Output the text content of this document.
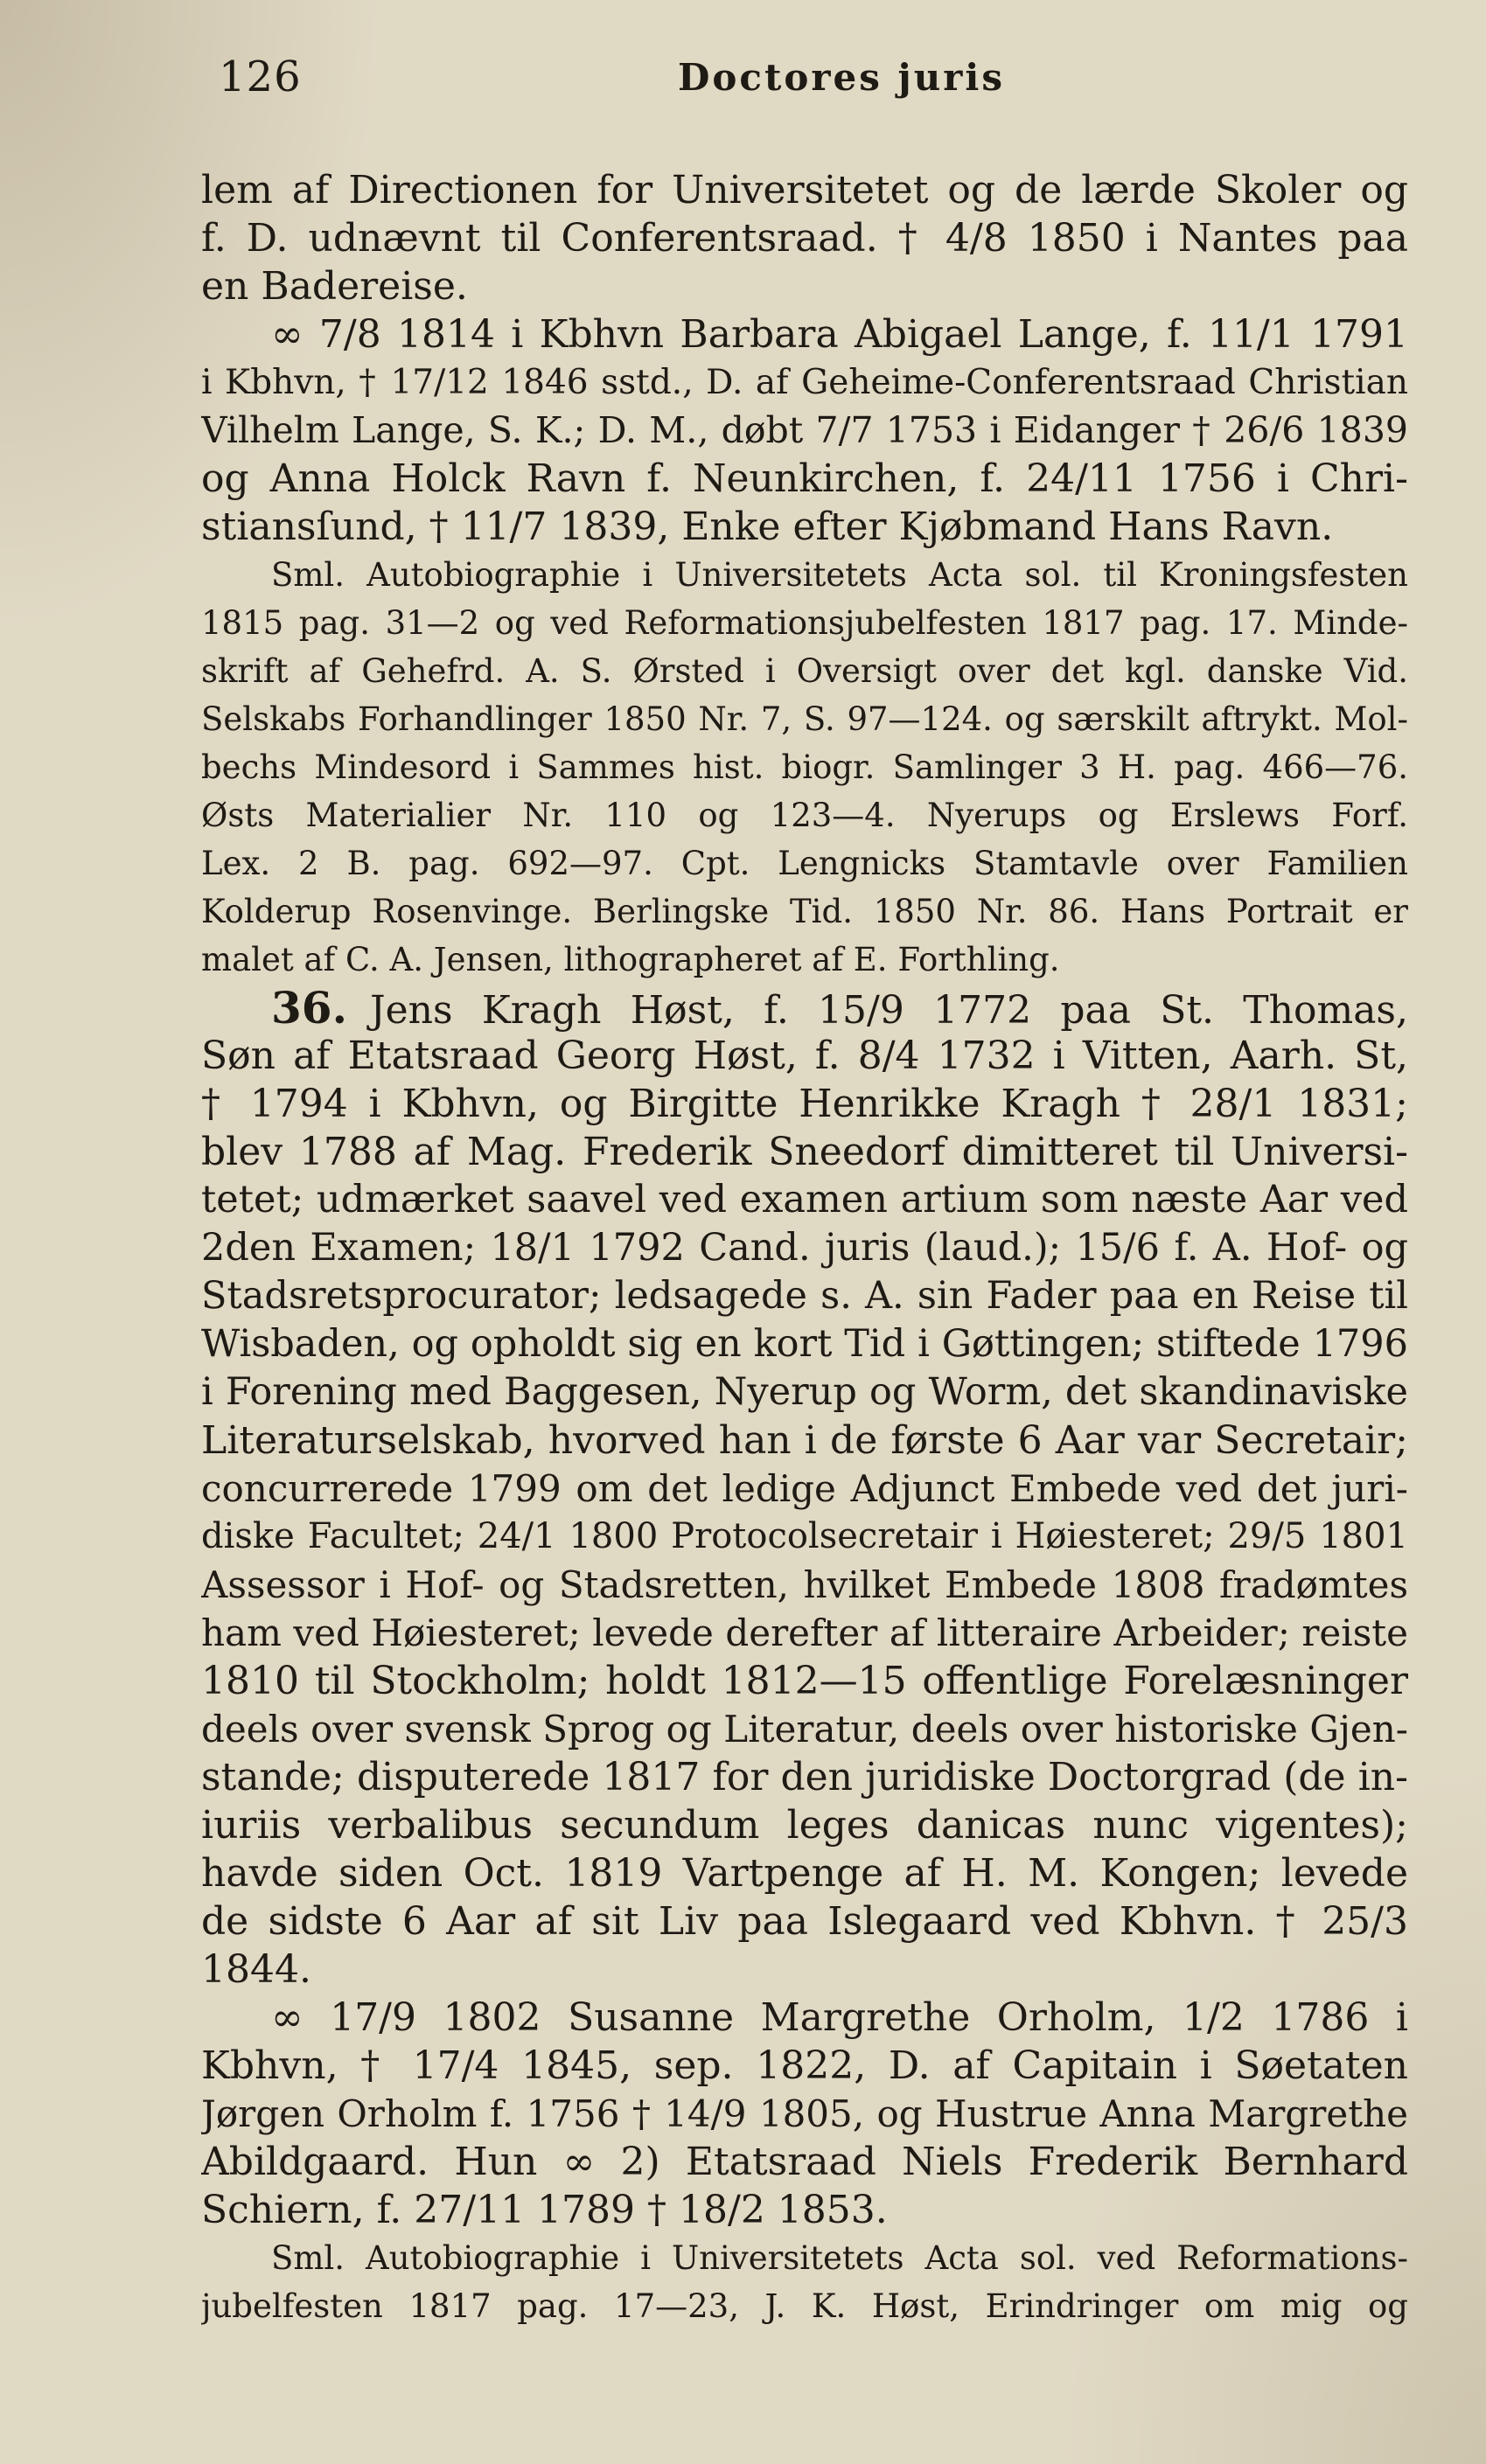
126	Doctores juris
lem af Directionen for Universitetet og de lærde Skoler og
f. D. udnævnt til Conferentsraad. † 4/8 1850 i Nantes paa
en Badereise.
∞ 7/8 1814 i Kbhvn Barbara Abigael Lange, f. 11/1 1791
i Kbhvn, † 17/12 1846 sstd., D. af Geheime-Conferentsraad Christian
Vilhelm Lange, S. K.; D. M., døbt 7/7 1753 i Eidanger † 26/6 1839
og Anna Holck Ravn f. Neunkirchen, f. 24/11 1756 i Chri-
stiansſund, † 11/7 1839, Enke efter Kjøbmand Hans Ravn.
Sml. Autobiographie i Universitetets Acta sol. til Kroningsfesten
1815 pag. 31—2 og ved Reformationsjubelfesten 1817 pag. 17. Minde-
skrift af Gehefrd. A. S. Ørsted i Oversigt over det kgl. danske Vid.
Selskabs Forhandlinger 1850 Nr. 7, S. 97—124. og særskilt aftrykt. Mol-
bechs Mindesord i Sammes hist. biogr. Samlinger 3 H. pag. 466—76.
Østs Materialier Nr. 110 og 123—4. Nyerups og Erslews Forf.
Lex. 2 B. pag. 692—97. Cpt. Lengnicks Stamtavle over Familien
Kolderup Rosenvinge. Berlingske Tid. 1850 Nr. 86. Hans Portrait er
malet af C. A. Jensen, lithographeret af E. Forthling.
36. Jens Kragh Høst, f. 15/9 1772 paa St. Thomas,
Søn af Etatsraad Georg Høst, f. 8/4 1732 i Vitten, Aarh. St,
† 1794 i Kbhvn, og Birgitte Henrikke Kragh † 28/1 1831;
blev 1788 af Mag. Frederik Sneedorf dimitteret til Universi-
tetet; udmærket saavel ved examen artium som næste Aar ved
2den Examen; 18/1 1792 Cand. juris (laud.); 15/6 f. A. Hof- og
Stadsretsprocurator; ledsagede s. A. sin Fader paa en Reise til
Wisbaden, og opholdt sig en kort Tid i Gøttingen; stiftede 1796
i Forening med Baggesen, Nyerup og Worm, det skandinaviske
Literaturselskab, hvorved han i de første 6 Aar var Secretair;
concurrerede 1799 om det ledige Adjunct Embede ved det juri-
diske Facultet; 24/1 1800 Protocolsecretair i Høiesteret; 29/5 1801
Assessor i Hof- og Stadsretten, hvilket Embede 1808 fradømtes
ham ved Høiesteret; levede derefter af litteraire Arbeider; reiste
1810 til Stockholm; holdt 1812—15 offentlige Forelæsninger
deels over svensk Sprog og Literatur, deels over historiske Gjen-
stande; disputerede 1817 for den juridiske Doctorgrad (de in-
iuriis verbalibus secundum leges danicas nunc vigentes);
havde siden Oct. 1819 Vartpenge af H. M. Kongen; levede
de sidste 6 Aar af sit Liv paa Islegaard ved Kbhvn. † 25/3
1844.
∞ 17/9 1802 Susanne Margrethe Orholm, 1/2 1786 i
Kbhvn, † 17/4 1845, sep. 1822, D. af Capitain i Søetaten
Jørgen Orholm f. 1756 † 14/9 1805, og Hustrue Anna Margrethe
Abildgaard. Hun ∞ 2) Etatsraad Niels Frederik Bernhard
Schiern, f. 27/11 1789 † 18/2 1853.
Sml. Autobiographie i Universitetets Acta sol. ved Reformations-
jubelfesten 1817 pag. 17—23, J. K. Høst, Erindringer om mig og
